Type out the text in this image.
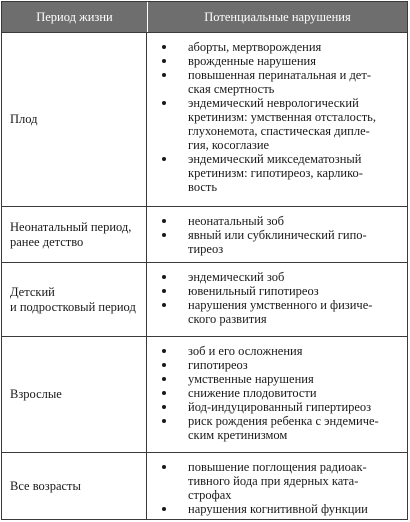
Период жизни	Потенциальные нарушения
Плод
аборты, мертворождения
врожденные нарушения
повышенная перинатальная и дет-
ская смертность
эндемический неврологический
кретинизм: умственная отсталость,
глухонемота, спастическая дипле-
гия, косоглазие
эндемический микседематозный
кретинизм: гипотиреоз, карлико-
вость
Неонатальный период,
ранее детство
неонатальный зоб
явный или субклинический гипо-
тиреоз
Детский
и подростковый период
эндемический зоб
ювенильный гипотиреоз
нарушения умственного и физиче-
ского развития
Взрослые
зоб и его осложнения
гипотиреоз
умственные нарушения
снижение плодовитости
йод-индуцированный гипертиреоз
риск рождения ребенка с эндемиче-
ским кретинизмом
Все возрасты
повышение поглощения радиоак-
тивного йода при ядерных ката-
строфах
нарушения когнитивной функции
